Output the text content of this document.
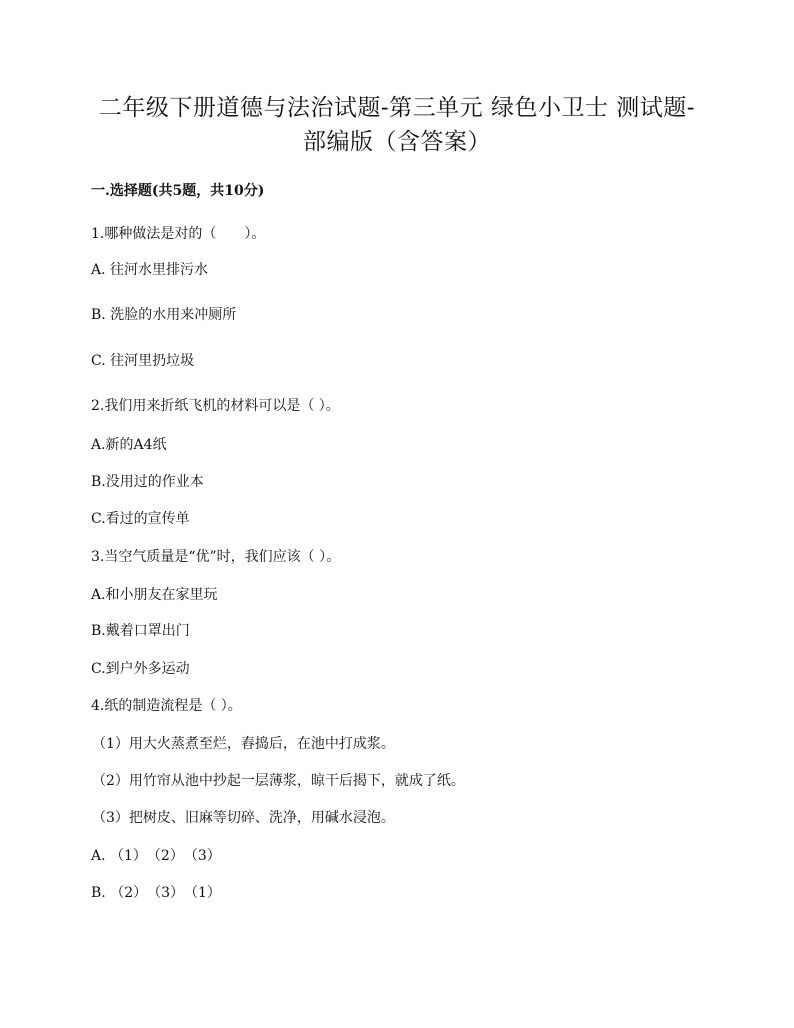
二年级下册道德与法治试题-第三单元 绿色小卫士 测试题-
部编版（含答案）
一.选择题(共5题，共10分)
1.哪种做法是对的（　　）。
A. 往河水里排污水
B. 洗脸的水用来冲厕所
C. 往河里扔垃圾
2.我们用来折纸飞机的材料可以是（ ）。
A.新的A4纸
B.没用过的作业本
C.看过的宣传单
3.当空气质量是“优”时，我们应该（ ）。
A.和小朋友在家里玩
B.戴着口罩出门
C.到户外多运动
4.纸的制造流程是（ ）。
（1）用大火蒸煮至烂，舂捣后，在池中打成浆。
（2）用竹帘从池中抄起一层薄浆，晾干后揭下，就成了纸。
（3）把树皮、旧麻等切碎、洗净，用碱水浸泡。
A. （1）　（2）　（3）
B. （2）　（3）　（1）
